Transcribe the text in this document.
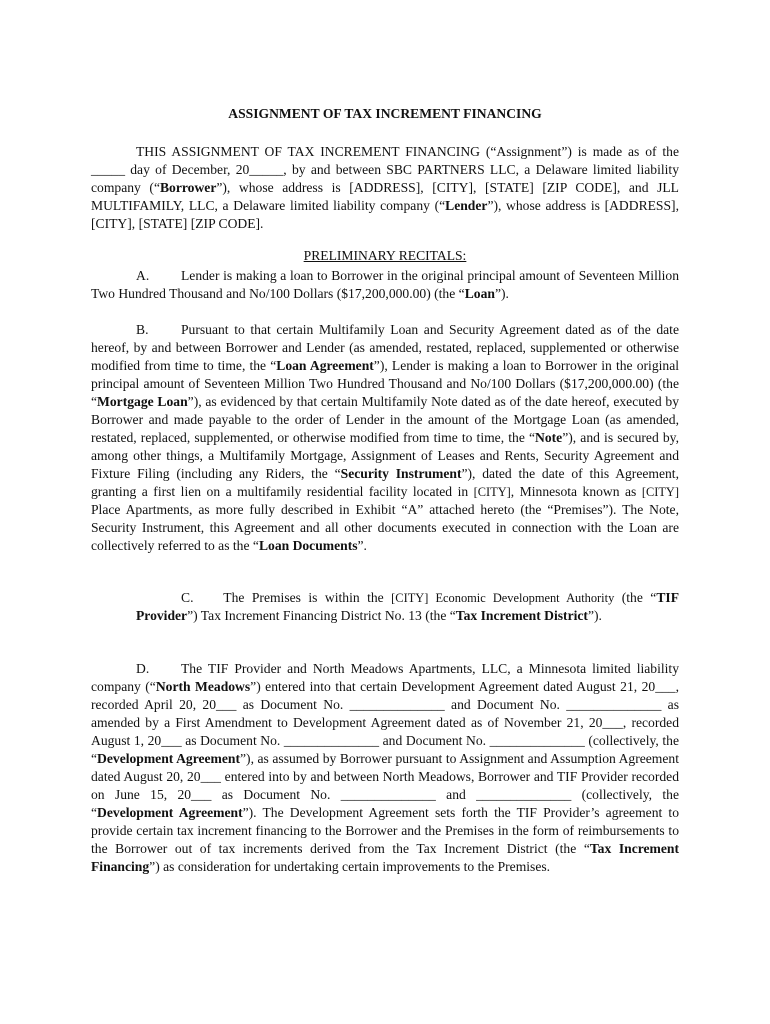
ASSIGNMENT OF TAX INCREMENT FINANCING

THIS ASSIGNMENT OF TAX INCREMENT FINANCING (“Assignment”) is made as of the _____ day of December, 20_____, by and between SBC PARTNERS LLC, a Delaware limited liability company (“Borrower”), whose address is [ADDRESS], [CITY], [STATE] [ZIP CODE], and JLL MULTIFAMILY, LLC, a Delaware limited liability company (“Lender”), whose address is [ADDRESS], [CITY], [STATE] [ZIP CODE].

PRELIMINARY RECITALS:

A. Lender is making a loan to Borrower in the original principal amount of Seventeen Million Two Hundred Thousand and No/100 Dollars ($17,200,000.00) (the “Loan”).

B. Pursuant to that certain Multifamily Loan and Security Agreement dated as of the date hereof, by and between Borrower and Lender (as amended, restated, replaced, supplemented or otherwise modified from time to time, the “Loan Agreement”), Lender is making a loan to Borrower in the original principal amount of Seventeen Million Two Hundred Thousand and No/100 Dollars ($17,200,000.00) (the “Mortgage Loan”), as evidenced by that certain Multifamily Note dated as of the date hereof, executed by Borrower and made payable to the order of Lender in the amount of the Mortgage Loan (as amended, restated, replaced, supplemented, or otherwise modified from time to time, the “Note”), and is secured by, among other things, a Multifamily Mortgage, Assignment of Leases and Rents, Security Agreement and Fixture Filing (including any Riders, the “Security Instrument”), dated the date of this Agreement, granting a first lien on a multifamily residential facility located in [CITY], Minnesota known as [CITY] Place Apartments, as more fully described in Exhibit “A” attached hereto (the “Premises”). The Note, Security Instrument, this Agreement and all other documents executed in connection with the Loan are collectively referred to as the “Loan Documents”.

C. The Premises is within the [CITY] Economic Development Authority (the “TIF Provider”) Tax Increment Financing District No. 13 (the “Tax Increment District”).

D. The TIF Provider and North Meadows Apartments, LLC, a Minnesota limited liability company (“North Meadows”) entered into that certain Development Agreement dated August 21, 20___, recorded April 20, 20___ as Document No. ______________ and Document No. ______________ as amended by a First Amendment to Development Agreement dated as of November 21, 20___, recorded August 1, 20___ as Document No. ______________ and Document No. ______________ (collectively, the “Development Agreement”), as assumed by Borrower pursuant to Assignment and Assumption Agreement dated August 20, 20___ entered into by and between North Meadows, Borrower and TIF Provider recorded on June 15, 20___ as Document No. ______________ and ______________ (collectively, the “Development Agreement”). The Development Agreement sets forth the TIF Provider’s agreement to provide certain tax increment financing to the Borrower and the Premises in the form of reimbursements to the Borrower out of tax increments derived from the Tax Increment District (the “Tax Increment Financing”) as consideration for undertaking certain improvements to the Premises.
